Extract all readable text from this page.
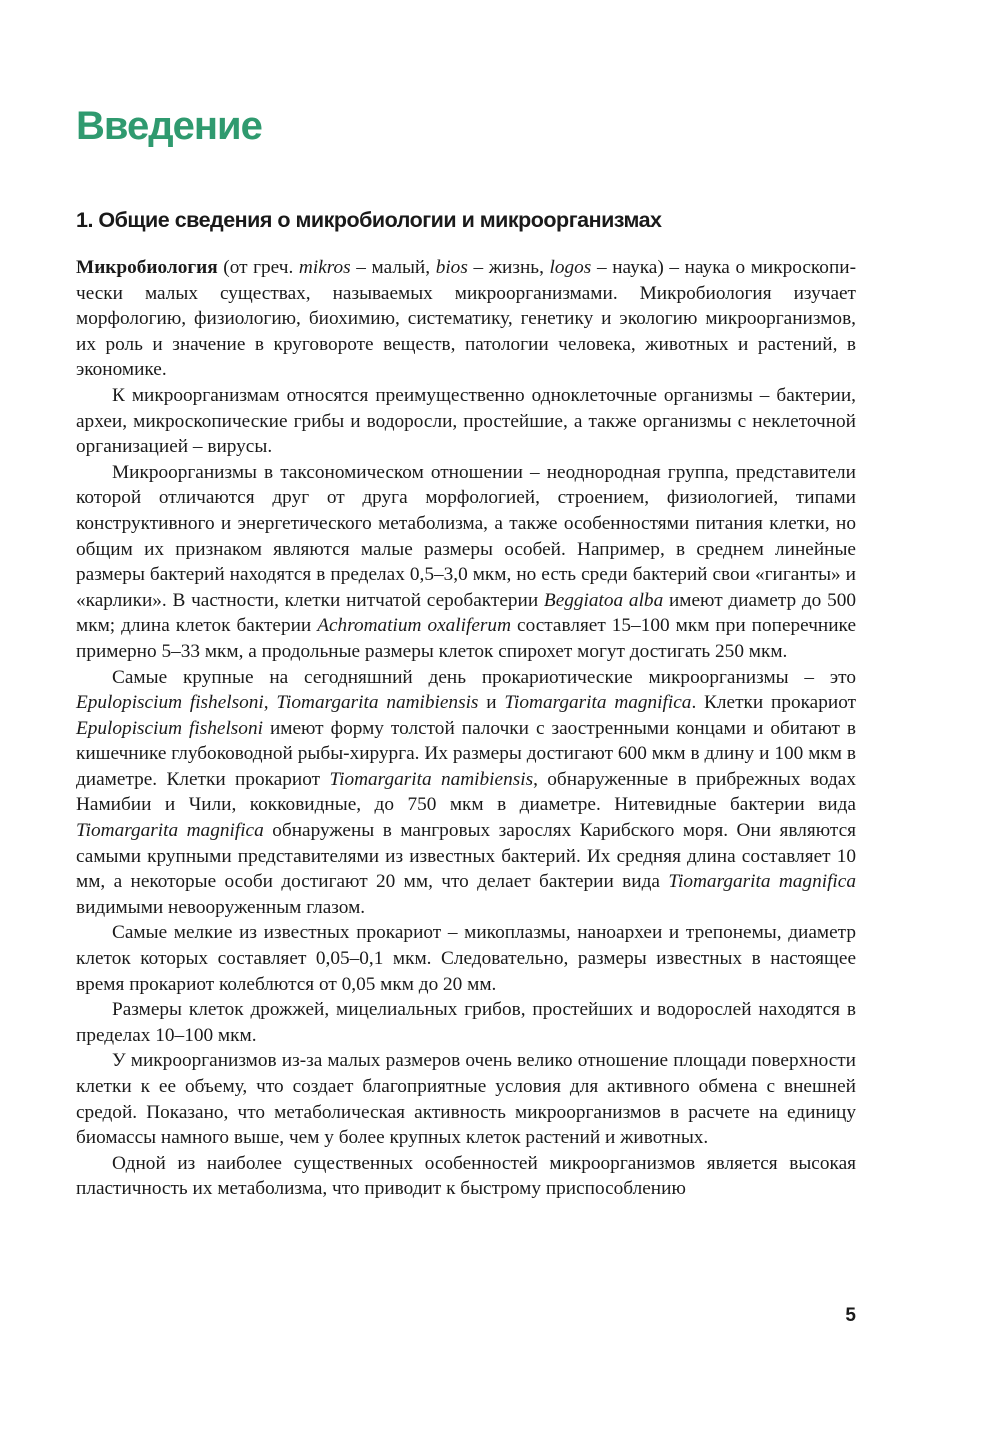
Введение
1. Общие сведения о микробиологии и микроорганизмах

Микробиология (от греч. mikros – малый, bios – жизнь, logos – наука) – наука о микроскопически малых существах, называемых микроорганизмами. Микробиология изучает морфологию, физиологию, биохимию, систематику, генетику и экологию микроорганизмов, их роль и значение в круговороте веществ, патологии человека, животных и растений, в экономике.

К микроорганизмам относятся преимущественно одноклеточные организмы – бактерии, археи, микроскопические грибы и водоросли, простейшие, а также организмы с неклеточной организацией – вирусы.

Микроорганизмы в таксономическом отношении – неоднородная группа, представители которой отличаются друг от друга морфологией, строением, физиологией, типами конструктивного и энергетического метаболизма, а также особенностями питания клетки, но общим их признаком являются малые размеры особей. Например, в среднем линейные размеры бактерий находятся в пределах 0,5–3,0 мкм, но есть среди бактерий свои «гиганты» и «карлики». В частности, клетки нитчатой серобактерии Beggiatoa alba имеют диаметр до 500 мкм; длина клеток бактерии Achromatium oxaliferum составляет 15–100 мкм при поперечнике примерно 5–33 мкм, а продольные размеры клеток спирохет могут достигать 250 мкм.

Самые крупные на сегодняшний день прокариотические микроорганизмы – это Epulopiscium fishelsoni, Tiomargarita namibiensis и Tiomargarita magnifica. Клетки прокариот Epulopiscium fishelsoni имеют форму толстой палочки с заостренными концами и обитают в кишечнике глубоководной рыбы-хирурга. Их размеры достигают 600 мкм в длину и 100 мкм в диаметре. Клетки прокариот Tiomargarita namibiensis, обнаруженные в прибрежных водах Намибии и Чили, кокковидные, до 750 мкм в диаметре. Нитевидные бактерии вида Tiomargarita magnifica обнаружены в мангровых зарослях Карибского моря. Они являются самыми крупными представителями из известных бактерий. Их средняя длина составляет 10 мм, а некоторые особи достигают 20 мм, что делает бактерии вида Tiomargarita magnifica видимыми невооруженным глазом.

Самые мелкие из известных прокариот – микоплазмы, наноархеи и трепонемы, диаметр клеток которых составляет 0,05–0,1 мкм. Следовательно, размеры известных в настоящее время прокариот колеблются от 0,05 мкм до 20 мм.

Размеры клеток дрожжей, мицелиальных грибов, простейших и водорослей находятся в пределах 10–100 мкм.

У микроорганизмов из-за малых размеров очень велико отношение площади поверхности клетки к ее объему, что создает благоприятные условия для активного обмена с внешней средой. Показано, что метаболическая активность микроорганизмов в расчете на единицу биомассы намного выше, чем у более крупных клеток растений и животных.

Одной из наиболее существенных особенностей микроорганизмов является высокая пластичность их метаболизма, что приводит к быстрому приспособлению

5
